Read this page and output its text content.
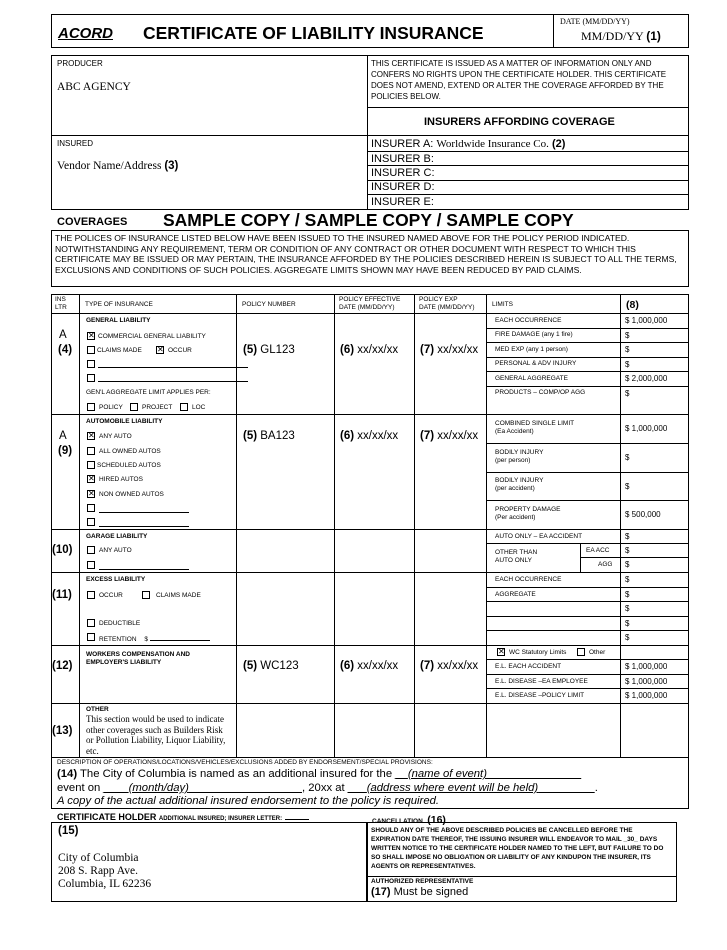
ACORD CERTIFICATE OF LIABILITY INSURANCE
DATE (MM/DD/YY)
MM/DD/YY (1)
PRODUCER
ABC AGENCY
THIS CERTIFICATE IS ISSUED AS A MATTER OF INFORMATION ONLY AND CONFERS NO RIGHTS UPON THE CERTIFICATE HOLDER. THIS CERTIFICATE DOES NOT AMEND, EXTEND OR ALTER THE COVERAGE AFFORDED BY THE POLICIES BELOW.
INSURERS AFFORDING COVERAGE
INSURED
Vendor Name/Address (3)
INSURER A: Worldwide Insurance Co. (2)
INSURER B:
INSURER C:
INSURER D:
INSURER E:
COVERAGES SAMPLE COPY / SAMPLE COPY / SAMPLE COPY
THE POLICES OF INSURANCE LISTED BELOW HAVE BEEN ISSUED TO THE INSURED NAMED ABOVE FOR THE POLICY PERIOD INDICATED. NOTWITHSTANDING ANY REQUIREMENT, TERM OR CONDITION OF ANY CONTRACT OR OTHER DOCUMENT WITH RESPECT TO WHICH THIS CERTIFICATE MAY BE ISSUED OR MAY PERTAIN, THE INSURANCE AFFORDED BY THE POLICIES DESCRIBED HEREIN IS SUBJECT TO ALL THE TERMS, EXCLUSIONS AND CONDITIONS OF SUCH POLICIES. AGGREGATE LIMITS SHOWN MAY HAVE BEEN REDUCED BY PAID CLAIMS.
INS
LTR	TYPE OF INSURANCE	POLICY NUMBER
POLICY EFFECTIVE
DATE (MM/DD/YY)
POLICY EXP
DATE (MM/DD/YY)	LIMITS	(8)
A
(4)
GENERAL LIABILITY
✕ COMMERCIAL GENERAL LIABILITY
CLAIMS MADE ✕ OCCUR
GEN'L AGGREGATE LIMIT APPLIES PER:
POLICY	PROJECT	LOC
(5) GL123	(6) xx/xx/xx (7) xx/xx/xx
EACH OCCURRENCE	$ 1,000,000
FIRE DAMAGE (any 1 fire)	$
MED EXP (any 1 person)	$
PERSONAL & ADV INJURY	$
GENERAL AGGREGATE	$ 2,000,000
PRODUCTS – COMP/OP AGG	$
A
(9)
AUTOMOBILE LIABILITY
✕ ANY AUTO
ALL OWNED AUTOS
SCHEDULED AUTOS
✕ HIRED AUTOS
✕ NON OWNED AUTOS
(5) BA123	(6) xx/xx/xx (7) xx/xx/xx
COMBINED SINGLE LIMIT
(Ea Accident)	$ 1,000,000
BODILY INJURY
(per person)	$
BODILY INJURY
(per accident)	$
PROPERTY DAMAGE
(Per accident)	$ 500,000
(10)
GARAGE LIABILITY
ANY AUTO
AUTO ONLY – EA ACCIDENT	$
OTHER THAN
AUTO ONLY
EA ACC $
AGG $
(11)
EXCESS LIABILITY
OCCUR	CLAIMS MADE
DEDUCTIBLE
RETENTION $
EACH OCCURRENCE	$
AGGREGATE	$
$
$
$
(12)
WORKERS COMPENSATION AND
EMPLOYER'S LIABILITY	(5) WC123	(6) xx/xx/xx (7) xx/xx/xx
✕ WC Statutory Limits	Other
E.L. EACH ACCIDENT	$ 1,000,000
E.L. DISEASE –EA EMPLOYEE	$ 1,000,000
E.L. DISEASE –POLICY LIMIT	$ 1,000,000
(13)
OTHER
This section would be used to indicate other coverages such as Builders Risk or Pollution Liability, Liquor Liability, etc.
DESCRIPTION OF OPERATIONS/LOCATIONS/VEHICLES/EXCLUSIONS ADDED BY ENDORSEMENT/SPECIAL PROVISIONS:
(14) The City of Columbia is named as an additional insured for the __(name of event)_______________
event on ____(month/day)__________________, 20xx at ___(address where event will be held)_________.
A copy of the actual additional insured endorsement to the policy is required.
CERTIFICATE HOLDER ADDITIONAL INSURED; INSURER LETTER:	CANCELLATION (16)
(15)
City of Columbia
208 S. Rapp Ave.
Columbia, IL 62236
SHOULD ANY OF THE ABOVE DESCRIBED POLICIES BE CANCELLED BEFORE THE EXPIRATION DATE THEREOF, THE ISSUING INSURER WILL ENDEAVOR TO MAIL _30_ DAYS WRITTEN NOTICE TO THE CERTIFICATE HOLDER NAMED TO THE LEFT, BUT FAILURE TO DO SO SHALL IMPOSE NO OBLIGATION OR LIABILITY OF ANY KINDUPON THE INSURER, ITS AGENTS OR REPRESENTATIVES.
AUTHORIZED REPRESENTATIVE
(17) Must be signed
